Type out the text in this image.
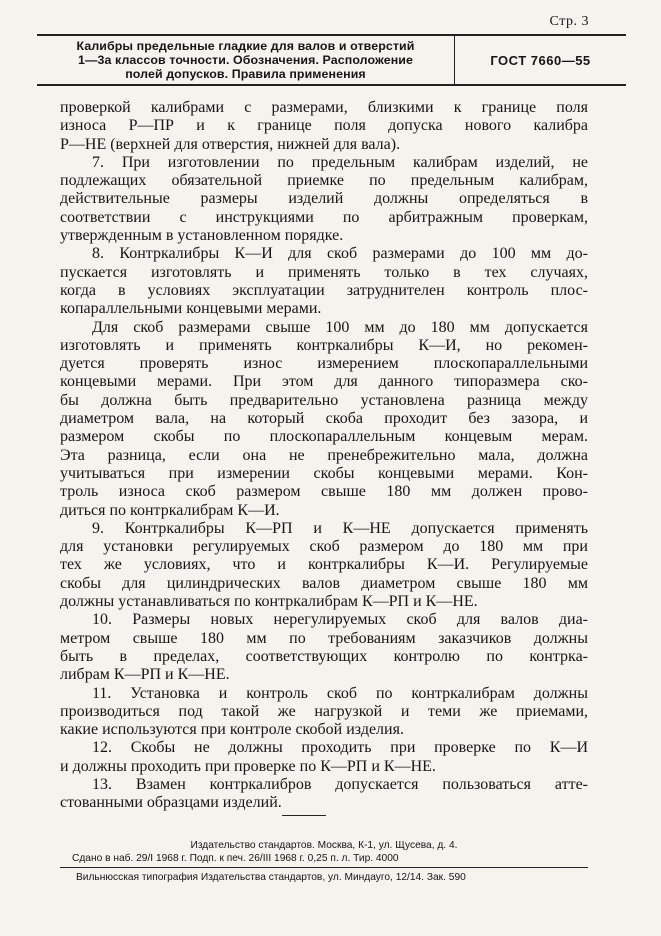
Стр. 3
Калибры предельные гладкие для валов и отверстий
1—3а классов точности. Обозначения. Расположение
полей допусков. Правила применения
ГОСТ 7660—55
проверкой калибрами с размерами, близкими к границе поля
износа Р—ПР и к границе поля допуска нового калибра
Р—НЕ (верхней для отверстия, нижней для вала).
7. При изготовлении по предельным калибрам изделий, не
подлежащих обязательной приемке по предельным калибрам,
действительные размеры изделий должны определяться в
соответствии с инструкциями по арбитражным проверкам,
утвержденным в установленном порядке.
8. Контркалибры К—И для скоб размерами до 100 мм до-
пускается изготовлять и применять только в тех случаях,
когда в условиях эксплуатации затруднителен контроль плос-
копараллельными концевыми мерами.
Для скоб размерами свыше 100 мм до 180 мм допускается
изготовлять и применять контркалибры К—И, но рекомен-
дуется проверять износ измерением плоскопараллельными
концевыми мерами. При этом для данного типоразмера ско-
бы должна быть предварительно установлена разница между
диаметром вала, на который скоба проходит без зазора, и
размером скобы по плоскопараллельным концевым мерам.
Эта разница, если она не пренебрежительно мала, должна
учитываться при измерении скобы концевыми мерами. Кон-
троль износа скоб размером свыше 180 мм должен прово-
диться по контркалибрам К—И.
9. Контркалибры К—РП и К—НЕ допускается применять
для установки регулируемых скоб размером до 180 мм при
тех же условиях, что и контркалибры К—И. Регулируемые
скобы для цилиндрических валов диаметром свыше 180 мм
должны устанавливаться по контркалибрам К—РП и К—НЕ.
10. Размеры новых нерегулируемых скоб для валов диа-
метром свыше 180 мм по требованиям заказчиков должны
быть в пределах, соответствующих контролю по контрка-
либрам К—РП и К—НЕ.
11. Установка и контроль скоб по контркалибрам должны
производиться под такой же нагрузкой и теми же приемами,
какие используются при контроле скобой изделия.
12. Скобы не должны проходить при проверке по К—И
и должны проходить при проверке по К—РП и К—НЕ.
13. Взамен контркалибров допускается пользоваться аттe-
стованными образцами изделий.
Издательство стандартов. Москва, К-1, ул. Щусева, д. 4.
Сдано в наб. 29/I 1968 г. Подп. к печ. 26/III 1968 г. 0,25 п. л. Тир. 4000
Вильнюсская типография Издательства стандартов, ул. Миндауго, 12/14. Зак. 590
